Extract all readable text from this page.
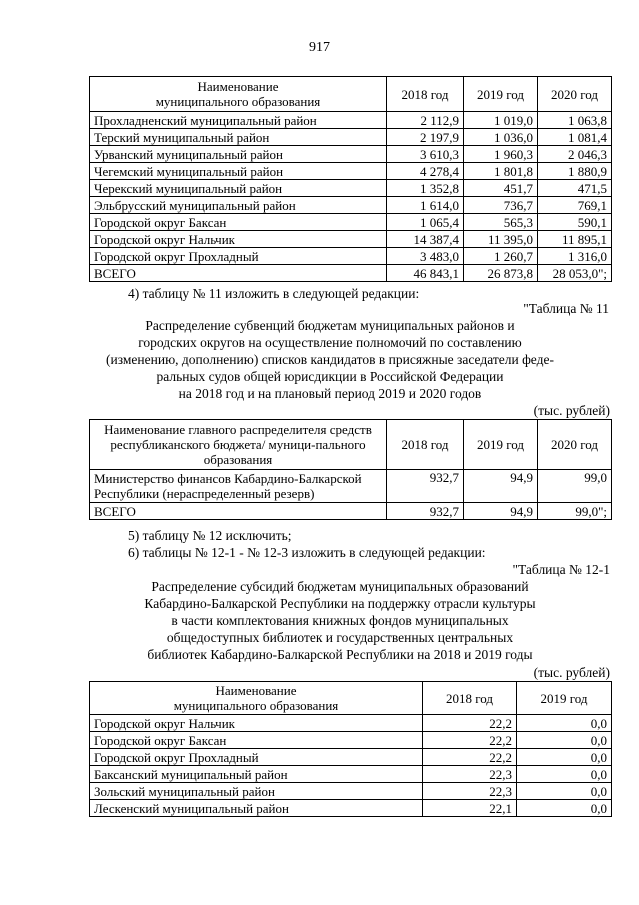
917
Наименование
муниципального образования	2018 год	2019 год	2020 год
Прохладненский муниципальный район	2 112,9	1 019,0	1 063,8
Терский муниципальный район	2 197,9	1 036,0	1 081,4
Урванский муниципальный район	3 610,3	1 960,3	2 046,3
Чегемский муниципальный район	4 278,4	1 801,8	1 880,9
Черекский муниципальный район	1 352,8	451,7	471,5
Эльбрусский муниципальный район	1 614,0	736,7	769,1
Городской округ Баксан	1 065,4	565,3	590,1
Городской округ Нальчик	14 387,4	11 395,0	11 895,1
Городской округ Прохладный	3 483,0	1 260,7	1 316,0
ВСЕГО	46 843,1	26 873,8	28 053,0";
4) таблицу № 11 изложить в следующей редакции:
"Таблица № 11
Распределение субвенций бюджетам муниципальных районов и
городских округов на осуществление полномочий по составлению
(изменению, дополнению) списков кандидатов в присяжные заседатели феде-
ральных судов общей юрисдикции в Российской Федерации
на 2018 год и на плановый период 2019 и 2020 годов
(тыс. рублей)
Наименование главного распределителя средств республиканского бюджета/ муници-пального образования	2018 год	2019 год	2020 год
Министерство финансов Кабардино-Балкарской Республики (нераспределенный резерв)	932,7	94,9	99,0
ВСЕГО	932,7	94,9	99,0";
5) таблицу № 12 исключить;
6) таблицы № 12-1 - № 12-3 изложить в следующей редакции:
"Таблица № 12-1
Распределение субсидий бюджетам муниципальных образований
Кабардино-Балкарской Республики на поддержку отрасли культуры
в части комплектования книжных фондов муниципальных
общедоступных библиотек и государственных центральных
библиотек Кабардино-Балкарской Республики на 2018 и 2019 годы
(тыс. рублей)
Наименование
муниципального образования	2018 год	2019 год
Городской округ Нальчик	22,2	0,0
Городской округ Баксан	22,2	0,0
Городской округ Прохладный	22,2	0,0
Баксанский муниципальный район	22,3	0,0
Зольский муниципальный район	22,3	0,0
Лескенский муниципальный район	22,1	0,0
